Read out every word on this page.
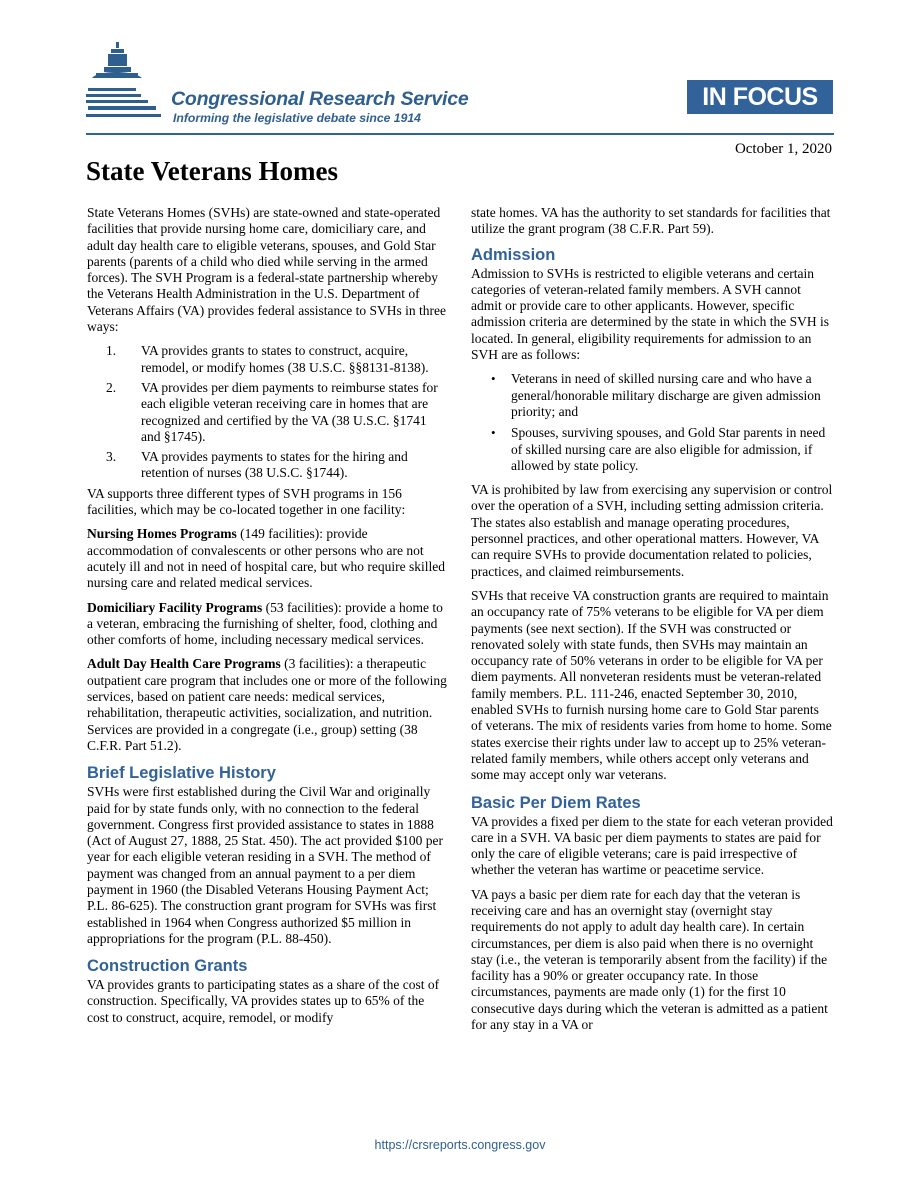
Congressional Research Service
Informing the legislative debate since 1914
IN FOCUS
October 1, 2020
State Veterans Homes

State Veterans Homes (SVHs) are state-owned and state-operated facilities that provide nursing home care, domiciliary care, and adult day health care to eligible veterans, spouses, and Gold Star parents (parents of a child who died while serving in the armed forces). The SVH Program is a federal-state partnership whereby the Veterans Health Administration in the U.S. Department of Veterans Affairs (VA) provides federal assistance to SVHs in three ways:

1. VA provides grants to states to construct, acquire, remodel, or modify homes (38 U.S.C. §§8131-8138).
2. VA provides per diem payments to reimburse states for each eligible veteran receiving care in homes that are recognized and certified by the VA (38 U.S.C. §1741 and §1745).
3. VA provides payments to states for the hiring and retention of nurses (38 U.S.C. §1744).

VA supports three different types of SVH programs in 156 facilities, which may be co-located together in one facility:

Nursing Homes Programs (149 facilities): provide accommodation of convalescents or other persons who are not acutely ill and not in need of hospital care, but who require skilled nursing care and related medical services.

Domiciliary Facility Programs (53 facilities): provide a home to a veteran, embracing the furnishing of shelter, food, clothing and other comforts of home, including necessary medical services.

Adult Day Health Care Programs (3 facilities): a therapeutic outpatient care program that includes one or more of the following services, based on patient care needs: medical services, rehabilitation, therapeutic activities, socialization, and nutrition. Services are provided in a congregate (i.e., group) setting (38 C.F.R. Part 51.2).

Brief Legislative History

SVHs were first established during the Civil War and originally paid for by state funds only, with no connection to the federal government. Congress first provided assistance to states in 1888 (Act of August 27, 1888, 25 Stat. 450). The act provided $100 per year for each eligible veteran residing in a SVH. The method of payment was changed from an annual payment to a per diem payment in 1960 (the Disabled Veterans Housing Payment Act; P.L. 86-625). The construction grant program for SVHs was first established in 1964 when Congress authorized $5 million in appropriations for the program (P.L. 88-450).

Construction Grants

VA provides grants to participating states as a share of the cost of construction. Specifically, VA provides states up to 65% of the cost to construct, acquire, remodel, or modify

state homes. VA has the authority to set standards for facilities that utilize the grant program (38 C.F.R. Part 59).

Admission

Admission to SVHs is restricted to eligible veterans and certain categories of veteran-related family members. A SVH cannot admit or provide care to other applicants. However, specific admission criteria are determined by the state in which the SVH is located. In general, eligibility requirements for admission to an SVH are as follows:

• Veterans in need of skilled nursing care and who have a general/honorable military discharge are given admission priority; and
• Spouses, surviving spouses, and Gold Star parents in need of skilled nursing care are also eligible for admission, if allowed by state policy.

VA is prohibited by law from exercising any supervision or control over the operation of a SVH, including setting admission criteria. The states also establish and manage operating procedures, personnel practices, and other operational matters. However, VA can require SVHs to provide documentation related to policies, practices, and claimed reimbursements.

SVHs that receive VA construction grants are required to maintain an occupancy rate of 75% veterans to be eligible for VA per diem payments (see next section). If the SVH was constructed or renovated solely with state funds, then SVHs may maintain an occupancy rate of 50% veterans in order to be eligible for VA per diem payments. All nonveteran residents must be veteran-related family members. P.L. 111-246, enacted September 30, 2010, enabled SVHs to furnish nursing home care to Gold Star parents of veterans. The mix of residents varies from home to home. Some states exercise their rights under law to accept up to 25% veteran-related family members, while others accept only veterans and some may accept only war veterans.

Basic Per Diem Rates

VA provides a fixed per diem to the state for each veteran provided care in a SVH. VA basic per diem payments to states are paid for only the care of eligible veterans; care is paid irrespective of whether the veteran has wartime or peacetime service.

VA pays a basic per diem rate for each day that the veteran is receiving care and has an overnight stay (overnight stay requirements do not apply to adult day health care). In certain circumstances, per diem is also paid when there is no overnight stay (i.e., the veteran is temporarily absent from the facility) if the facility has a 90% or greater occupancy rate. In those circumstances, payments are made only (1) for the first 10 consecutive days during which the veteran is admitted as a patient for any stay in a VA or

https://crsreports.congress.gov
